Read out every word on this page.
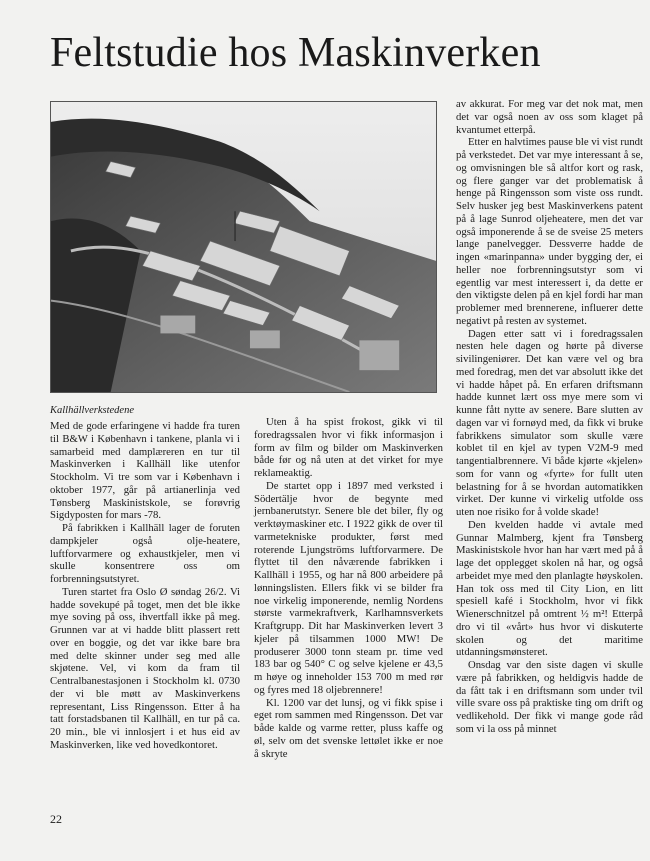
Feltstudie hos Maskinverken
Kallhällverkstedene

Med de gode erfaringene vi hadde fra turen til B&W i København i tankene, planla vi i samarbeid med damplæreren en tur til Maskinverken i Kallhäll like utenfor Stockholm. Vi tre som var i København i oktober 1977, går på artianerlinja ved Tønsberg Maskinistskole, se forøvrig Sigdyposten for mars -78.

På fabrikken i Kallhäll lager de foruten dampkjeler også olje-heatere, luftforvarmere og exhaustkjeler, men vi skulle konsentrere oss om forbrenningsutstyret.

Turen startet fra Oslo Ø søndag 26/2. Vi hadde sovekupé på toget, men det ble ikke mye soving på oss, ihvertfall ikke på meg. Grunnen var at vi hadde blitt plassert rett over en boggie, og det var ikke bare bra med delte skinner under seg med alle skjøtene. Vel, vi kom da fram til Centralbanestasjonen i Stockholm kl. 0730 der vi ble møtt av Maskinverkens representant, Liss Ringensson. Etter å ha tatt forstadsbanen til Kallhäll, en tur på ca. 20 min., ble vi innlosjert i et hus eid av Maskinverken, like ved hovedkontoret.

Uten å ha spist frokost, gikk vi til foredragssalen hvor vi fikk informasjon i form av film og bilder om Maskinverken både før og nå uten at det virket for mye reklameaktig.

De startet opp i 1897 med verksted i Södertälje hvor de begynte med jernbanerutstyr. Senere ble det biler, fly og verktøymaskiner etc. I 1922 gikk de over til varmetekniske produkter, først med roterende Ljungströms luftforvarmere. De flyttet til den nåværende fabrikken i Kallhäll i 1955, og har nå 800 arbeidere på lønningslisten. Ellers fikk vi se bilder fra noe virkelig imponerende, nemlig Nordens største varmekraftverk, Karlhamnsverkets Kraftgrupp. Dit har Maskinverken levert 3 kjeler på tilsammen 1000 MW! De produserer 3000 tonn steam pr. time ved 183 bar og 540° C og selve kjelene er 43,5 m høye og inneholder 153 700 m med rør og fyres med 18 oljebrennere!

Kl. 1200 var det lunsj, og vi fikk spise i eget rom sammen med Ringensson. Det var både kalde og varme retter, pluss kaffe og øl, selv om det svenske lettølet ikke er noe å skryte

av akkurat. For meg var det nok mat, men det var også noen av oss som klaget på kvantumet etterpå.

Etter en halvtimes pause ble vi vist rundt på verkstedet. Det var mye interessant å se, og omvisningen ble så altfor kort og rask, og flere ganger var det problematisk å henge på Ringensson som viste oss rundt. Selv husker jeg best Maskinverkens patent på å lage Sunrod oljeheatere, men det var også imponerende å se de sveise 25 meters lange panelvegger. Dessverre hadde de ingen «marinpanna» under bygging der, ei heller noe forbrenningsutstyr som vi egentlig var mest interessert i, da dette er den viktigste delen på en kjel fordi har man problemer med brennerene, influerer dette negativt på resten av systemet.

Dagen etter satt vi i foredragssalen nesten hele dagen og hørte på diverse sivilingeniører. Det kan være vel og bra med foredrag, men det var absolutt ikke det vi hadde håpet på. En erfaren driftsmann hadde kunnet lært oss mye mere som vi kunne fått nytte av senere. Bare slutten av dagen var vi fornøyd med, da fikk vi bruke fabrikkens simulator som skulle være koblet til en kjel av typen V2M-9 med tangentialbrennere. Vi både kjørte «kjelen» som for vann og «fyrte» for fullt uten belastning for å se hvordan automatikken virket. Der kunne vi virkelig utfolde oss uten noe risiko for å volde skade!

Den kvelden hadde vi avtale med Gunnar Malmberg, kjent fra Tønsberg Maskinistskole hvor han har vært med på å lage det opplegget skolen nå har, og også arbeidet mye med den planlagte høyskolen. Han tok oss med til City Lion, en litt spesiell kafé i Stockholm, hvor vi fikk Wienerschnitzel på omtrent ½ m²! Etterpå dro vi til «vårt» hus hvor vi diskuterte skolen og det maritime utdanningsmønsteret.

Onsdag var den siste dagen vi skulle være på fabrikken, og heldigvis hadde de da fått tak i en driftsmann som under tvil ville svare oss på praktiske ting om drift og vedlikehold. Der fikk vi mange gode råd som vi la oss på minnet

22
